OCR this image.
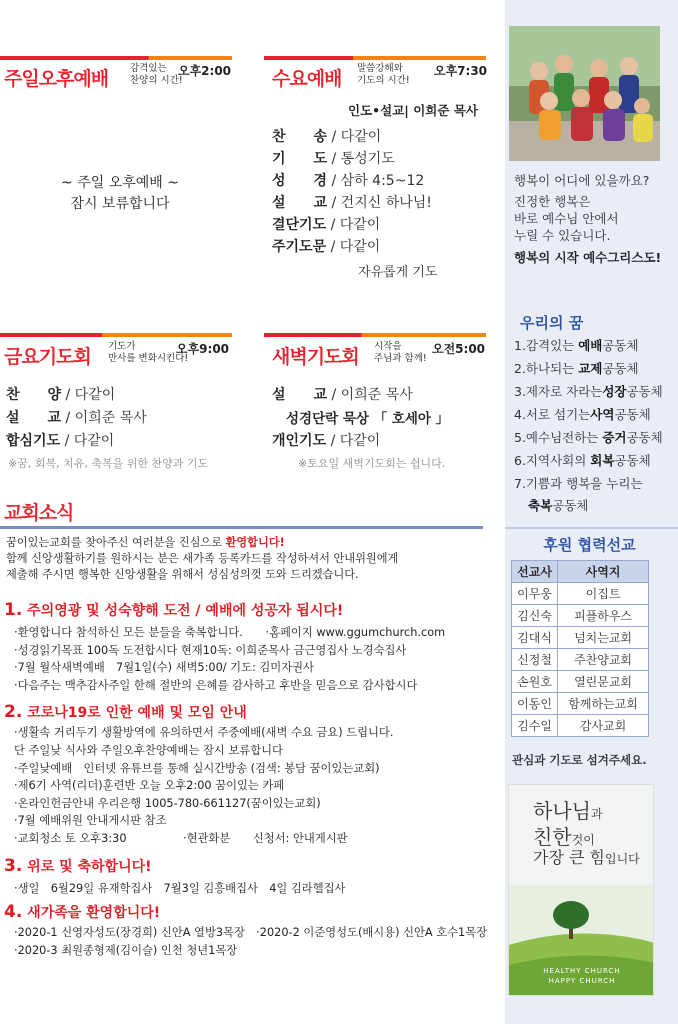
주일오후예배 감격있는
찬양의 시간!
오후2:00
~ 주일 오후예배 ~
잠시 보류합니다
수요예배 말씀강해와
기도의 시간!
오후7:30
인도•설교| 이희준 목사
찬　　송 / 다같이
기　　도 / 통성기도
성　　경 / 삼하 4:5~12
설　　교 / 건지신 하나님!
결단기도 / 다같이
주기도문 / 다같이
자유롭게 기도
금요기도회 기도가
만사를 변화시킨다!
오후9:00
찬　　양 / 다같이
설　　교 / 이희준 목사
합심기도 / 다같이
※꿈, 회복, 치유, 축복을 위한 찬양과 기도
새벽기도회 시작을
주님과 함께!
오전5:00
설　　교 / 이희준 목사
성경단락 묵상 「 호세아 」
개인기도 / 다같이
※토요일 새벽기도회는 쉽니다.
교회소식
꿈이있는교회를 찾아주신 여러분을 진심으로 환영합니다!
함께 신앙생활하기를 원하시는 분은 새가족 등록카드를 작성하셔서 안내위원에게
제출해 주시면 행복한 신앙생활을 위해서 성심성의껏 도와 드리겠습니다.
1. 주의영광 및 성숙향해 도전 / 예배에 성공자 됩시다!
·환영합니다 참석하신 모든 분들을 축복합니다.　　·홈페이지 www.ggumchurch.com
·성경읽기목표 100독 도전합시다 현재10독: 이희준목사 금근영집사 노경숙집사
·7월 월삭새벽예배　7월1일(수) 새벽5:00/ 기도: 김미자권사
·다음주는 맥추감사주일 한해 절반의 은혜를 감사하고 후반을 믿음으로 감사합시다
2. 코로나19로 인한 예배 및 모임 안내
·생활속 거리두기 생활방역에 유의하면서 주중예배(새벽 수요 금요) 드립니다.
단 주일낮 식사와 주일오후찬양예배는 잠시 보류합니다
·주일낮예배　인터넷 유튜브를 통해 실시간방송 (검색: 봉담 꿈이있는교회)
·제6기 사역(리더)훈련반 오늘 오후2:00 꿈이있는 카페
·온라인헌금안내 우리은행 1005-780-661127(꿈이있는교회)
·7월 예배위원 안내게시판 참조
·교회청소 토 오후3:30　　　　　·현관화분　　신청서: 안내게시판
3. 위로 및 축하합니다!
·생일　6월29일 유재학집사　7월3일 김흥배집사　4일 김라헬집사
4. 새가족을 환영합니다!
·2020-1 신영자성도(장경희) 신안A 열방3목장　·2020-2 이준영성도(배시용) 신안A 호수1목장
·2020-3 최원종형제(김이슬) 인천 청년1목장
행복이 어디에 있을까요?
진정한 행복은
바로 예수님 안에서
누릴 수 있습니다.
행복의 시작 예수그리스도!
우리의 꿈
1.감격있는 예배공동체
2.하나되는 교제공동체
3.제자로 자라는성장공동체
4.서로 섬기는사역공동체
5.예수님전하는 증거공동체
6.지역사회의 회복공동체
7.기쁨과 행복을 누리는
축복공동체
후원 협력선교
선교사	사역지
이무웅	이집트
김신숙	피플하우스
김대식	넘치는교회
신정철	주찬양교회
손원호	열린문교회
이동인	함께하는교회
김수일	감사교회
관심과 기도로 섬겨주세요.
하나님과
친한것이
가장 큰 힘입니다
HEALTHY CHURCH
HAPPY CHURCH
